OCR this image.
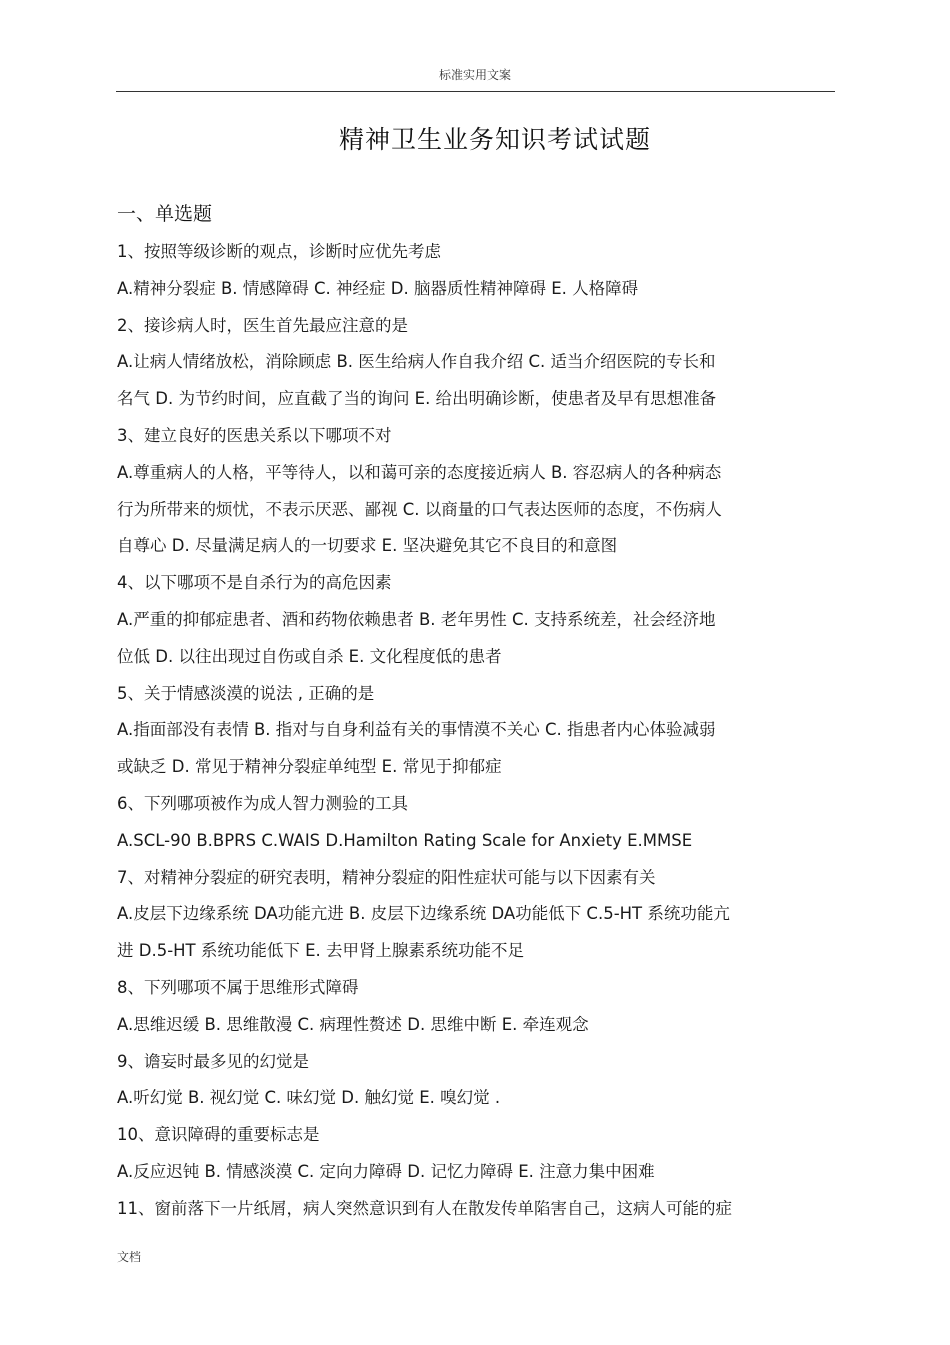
标准实用文案
精神卫生业务知识考试试题
一、单选题
1、按照等级诊断的观点，诊断时应优先考虑
A.精神分裂症 B. 情感障碍 C. 神经症 D. 脑器质性精神障碍 E. 人格障碍
2、接诊病人时，医生首先最应注意的是
A.让病人情绪放松，消除顾虑 B. 医生给病人作自我介绍 C. 适当介绍医院的专长和
名气 D. 为节约时间，应直截了当的询问 E. 给出明确诊断，使患者及早有思想准备
3、建立良好的医患关系以下哪项不对
A.尊重病人的人格，平等待人，以和蔼可亲的态度接近病人 B. 容忍病人的各种病态
行为所带来的烦忧，不表示厌恶、鄙视 C. 以商量的口气表达医师的态度，不伤病人
自尊心 D. 尽量满足病人的一切要求 E. 坚决避免其它不良目的和意图
4、以下哪项不是自杀行为的高危因素
A.严重的抑郁症患者、酒和药物依赖患者 B. 老年男性 C. 支持系统差，社会经济地
位低 D. 以往出现过自伤或自杀 E. 文化程度低的患者
5、关于情感淡漠的说法 , 正确的是
A.指面部没有表情 B. 指对与自身利益有关的事情漠不关心 C. 指患者内心体验减弱
或缺乏 D. 常见于精神分裂症单纯型 E. 常见于抑郁症
6、下列哪项被作为成人智力测验的工具
A.SCL-90 B.BPRS C.WAIS D.Hamilton Rating Scale for Anxiety E.MMSE
7、对精神分裂症的研究表明，精神分裂症的阳性症状可能与以下因素有关
A.皮层下边缘系统 DA功能亢进 B. 皮层下边缘系统 DA功能低下 C.5-HT 系统功能亢
进 D.5-HT 系统功能低下 E. 去甲肾上腺素系统功能不足
8、下列哪项不属于思维形式障碍
A.思维迟缓 B. 思维散漫 C. 病理性赘述 D. 思维中断 E. 牵连观念
9、谵妄时最多见的幻觉是
A.听幻觉 B. 视幻觉 C. 味幻觉 D. 触幻觉 E. 嗅幻觉 .
10、意识障碍的重要标志是
A.反应迟钝 B. 情感淡漠 C. 定向力障碍 D. 记忆力障碍 E. 注意力集中困难
11、窗前落下一片纸屑，病人突然意识到有人在散发传单陷害自己，这病人可能的症
文档
